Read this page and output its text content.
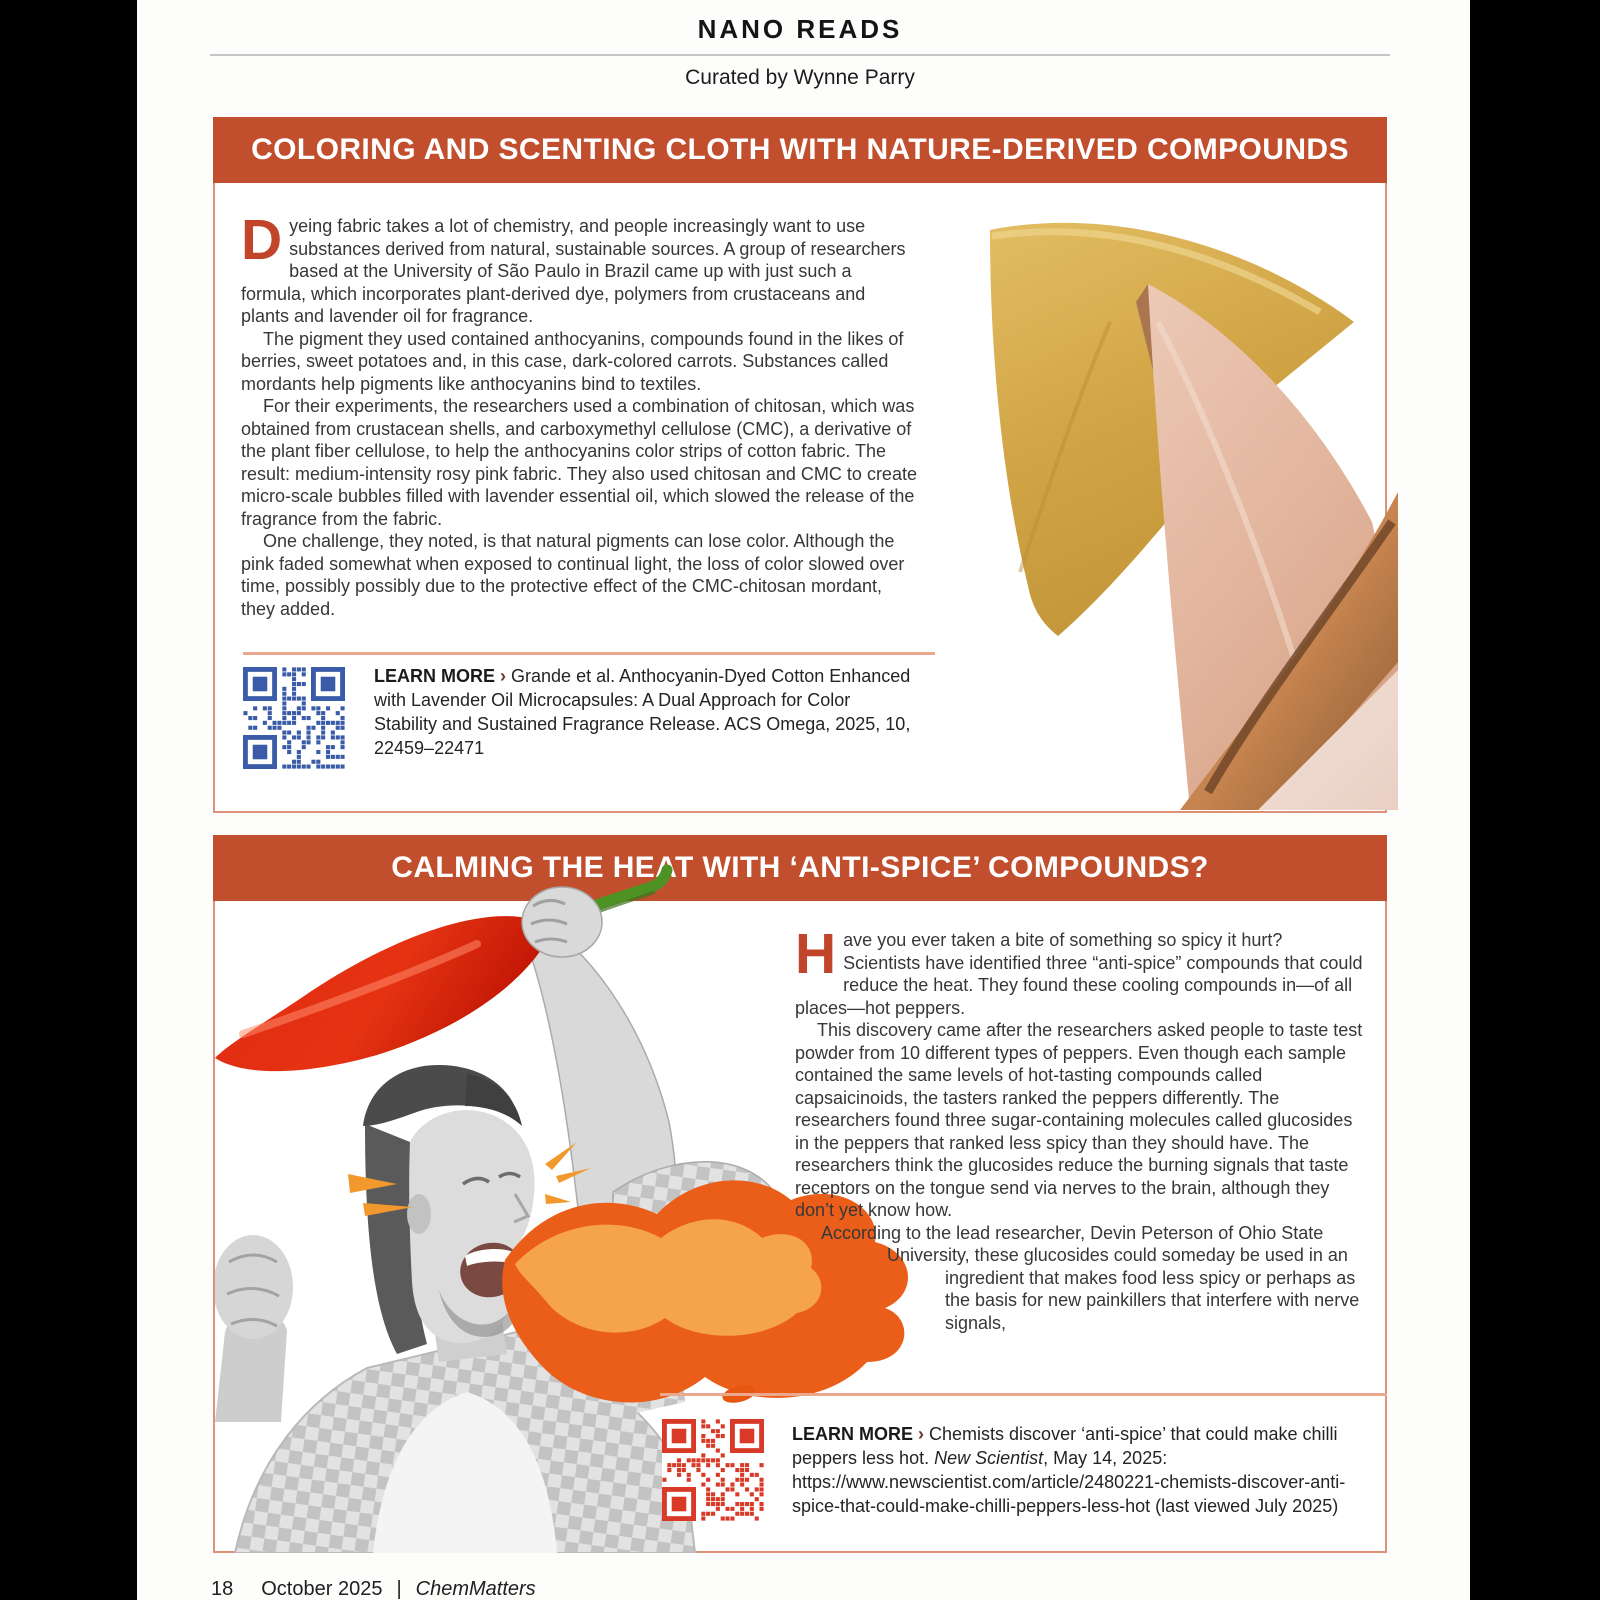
NANO READS
Curated by Wynne Parry
COLORING AND SCENTING CLOTH WITH NATURE-DERIVED COMPOUNDS

Dyeing fabric takes a lot of chemistry, and people increasingly want to use substances derived from natural, sustainable sources. A group of researchers based at the University of São Paulo in Brazil came up with just such a formula, which incorporates plant-derived dye, polymers from crustaceans and plants and lavender oil for fragrance.

The pigment they used contained anthocyanins, compounds found in the likes of berries, sweet potatoes and, in this case, dark-colored carrots. Substances called mordants help pigments like anthocyanins bind to textiles.

For their experiments, the researchers used a combination of chitosan, which was obtained from crustacean shells, and carboxymethyl cellulose (CMC), a derivative of the plant fiber cellulose, to help the anthocyanins color strips of cotton fabric. The result: medium-intensity rosy pink fabric. They also used chitosan and CMC to create micro-scale bubbles filled with lavender essential oil, which slowed the release of the fragrance from the fabric.

One challenge, they noted, is that natural pigments can lose color. Although the pink faded somewhat when exposed to continual light, the loss of color slowed over time, possibly possibly due to the protective effect of the CMC-chitosan mordant, they added.

LEARN MORE › Grande et al. Anthocyanin-Dyed Cotton Enhanced with Lavender Oil Microcapsules: A Dual Approach for Color Stability and Sustained Fragrance Release. ACS Omega, 2025, 10, 22459–22471
CALMING THE HEAT WITH ‘ANTI-SPICE’ COMPOUNDS?

Have you ever taken a bite of something so spicy it hurt? Scientists have identified three “anti-spice” compounds that could reduce the heat. They found these cooling compounds in—of all places—hot peppers.

This discovery came after the researchers asked people to taste test powder from 10 different types of peppers. Even though each sample contained the same levels of hot-tasting compounds called capsaicinoids, the tasters ranked the peppers differently. The researchers found three sugar-containing molecules called glucosides in the peppers that ranked less spicy than they should have. The researchers think the glucosides reduce the burning signals that taste receptors on the tongue send via nerves to the brain, although they don’t yet know how.

According to the lead researcher, Devin Peterson of Ohio State University, these glucosides could someday be used in an ingredient that makes food less spicy or perhaps as the basis for new painkillers that interfere with nerve signals,

LEARN MORE › Chemists discover ‘anti-spice’ that could make chilli peppers less hot. New Scientist, May 14, 2025: https://www.newscientist.com/article/2480221-chemists-discover-anti-spice-that-could-make-chilli-peppers-less-hot (last viewed July 2025)
18 October 2025 | ChemMatters
